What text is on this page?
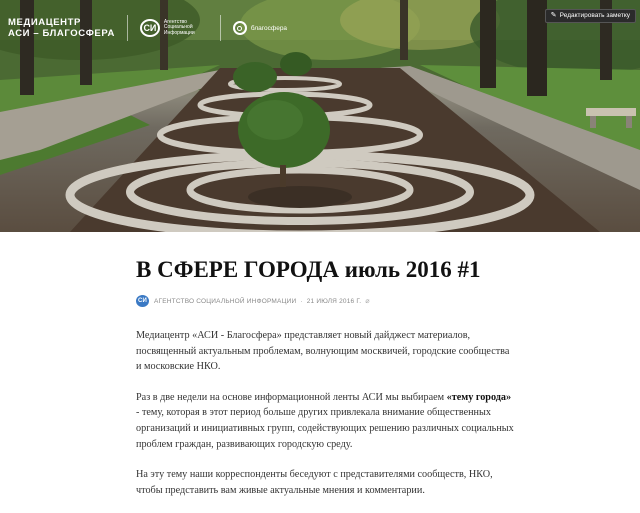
МЕДИАЦЕНТР
АСИ – БЛАГОСФЕРА	СИ
Агентство Социальной Информации
благосфера
✎ Редактировать заметку
В СФЕРЕ ГОРОДА июль 2016 #1
СИ	АГЕНТСТВО СОЦИАЛЬНОЙ ИНФОРМАЦИИ · 21 ИЮЛЯ 2016 Г. ⌀

Медиацентр «АСИ - Благосфера» представляет новый дайджест материалов, посвященный актуальным проблемам, волнующим москвичей, городские сообщества и московские НКО.

Раз в две недели на основе информационной ленты АСИ мы выбираем «тему города» - тему, которая в этот период больше других привлекала внимание общественных организаций и инициативных групп, содействующих решению различных социальных проблем граждан, развивающих городскую среду.

На эту тему наши корреспонденты беседуют с представителями сообществ, НКО, чтобы представить вам живые актуальные мнения и комментарии.
